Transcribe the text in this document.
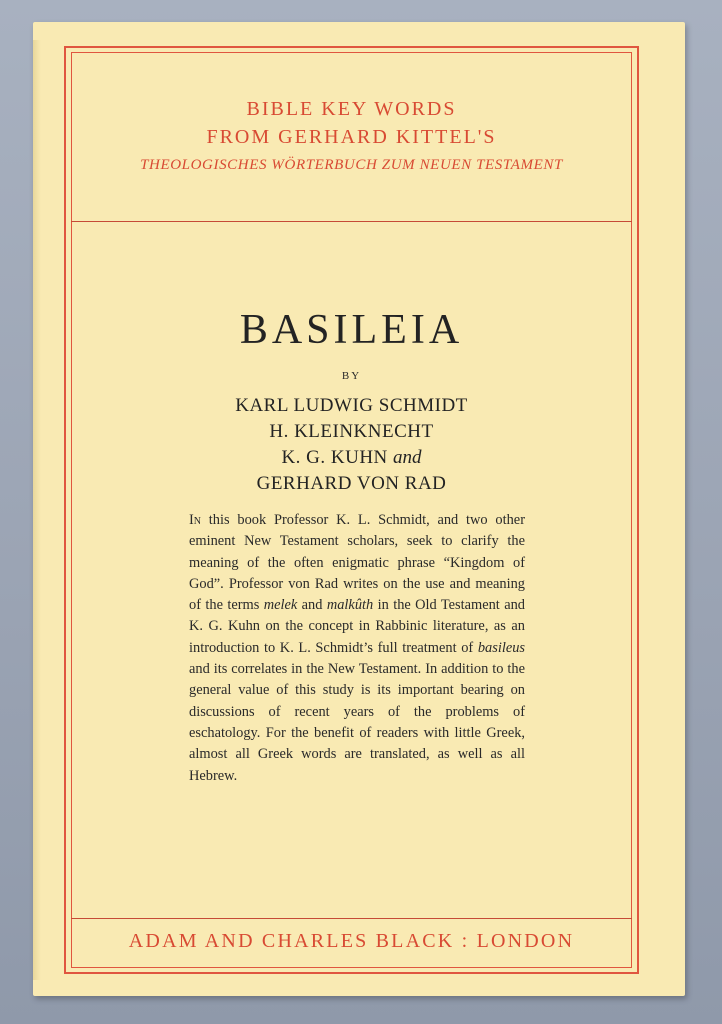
BIBLE KEY WORDS
FROM GERHARD KITTEL'S
THEOLOGISCHES WÖRTERBUCH ZUM NEUEN TESTAMENT
BASILEIA
BY
KARL LUDWIG SCHMIDT
H. KLEINKNECHT
K. G. KUHN and
GERHARD VON RAD
In this book Professor K. L. Schmidt, and two other eminent New Testament scholars, seek to clarify the meaning of the often enigmatic phrase “Kingdom of God”. Professor von Rad writes on the use and meaning of the terms melek and malkûth in the Old Testament and K. G. Kuhn on the concept in Rabbinic literature, as an introduction to K. L. Schmidt’s full treatment of basileus and its correlates in the New Testament. In addition to the general value of this study is its important bearing on discussions of recent years of the problems of eschatology. For the benefit of readers with little Greek, almost all Greek words are translated, as well as all Hebrew.
ADAM AND CHARLES BLACK : LONDON
